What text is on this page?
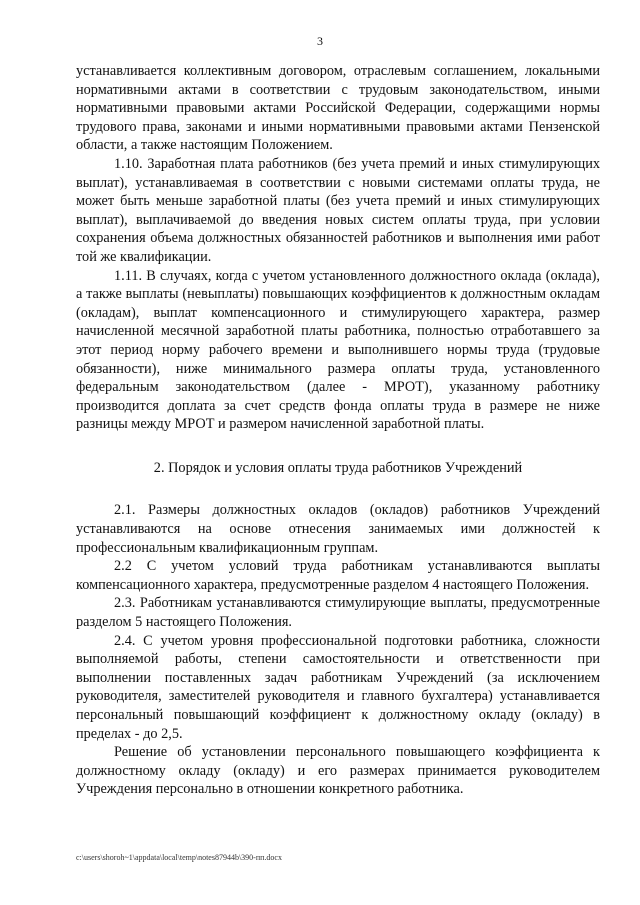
3

устанавливается коллективным договором, отраслевым соглашением, локальными нормативными актами в соответствии с трудовым законодательством, иными нормативными правовыми актами Российской Федерации, содержащими нормы трудового права, законами и иными нормативными правовыми актами Пензенской области, а также настоящим Положением.

1.10. Заработная плата работников (без учета премий и иных стимулирующих выплат), устанавливаемая в соответствии с новыми системами оплаты труда, не может быть меньше заработной платы (без учета премий и иных стимулирующих выплат), выплачиваемой до введения новых систем оплаты труда, при условии сохранения объема должностных обязанностей работников и выполнения ими работ той же квалификации.

1.11. В случаях, когда с учетом установленного должностного оклада (оклада), а также выплаты (невыплаты) повышающих коэффициентов к должностным окладам (окладам), выплат компенсационного и стимулирующего характера, размер начисленной месячной заработной платы работника, полностью отработавшего за этот период норму рабочего времени и выполнившего нормы труда (трудовые обязанности), ниже минимального размера оплаты труда, установленного федеральным законодательством (далее - МРОТ), указанному работнику производится доплата за счет средств фонда оплаты труда в размере не ниже разницы между МРОТ и размером начисленной заработной платы.

2. Порядок и условия оплаты труда работников Учреждений

2.1. Размеры должностных окладов (окладов) работников Учреждений устанавливаются на основе отнесения занимаемых ими должностей к профессиональным квалификационным группам.

2.2 С учетом условий труда работникам устанавливаются выплаты компенсационного характера, предусмотренные разделом 4 настоящего Положения.

2.3. Работникам устанавливаются стимулирующие выплаты, предусмотренные разделом 5 настоящего Положения.

2.4. С учетом уровня профессиональной подготовки работника, сложности выполняемой работы, степени самостоятельности и ответственности при выполнении поставленных задач работникам Учреждений (за исключением руководителя, заместителей руководителя и главного бухгалтера) устанавливается персональный повышающий коэффициент к должностному окладу (окладу) в пределах - до 2,5.

Решение об установлении персонального повышающего коэффициента к должностному окладу (окладу) и его размерах принимается руководителем Учреждения персонально в отношении конкретного работника.

c:\users\shoroh~1\appdata\local\temp\notes87944b\390-пп.docx
